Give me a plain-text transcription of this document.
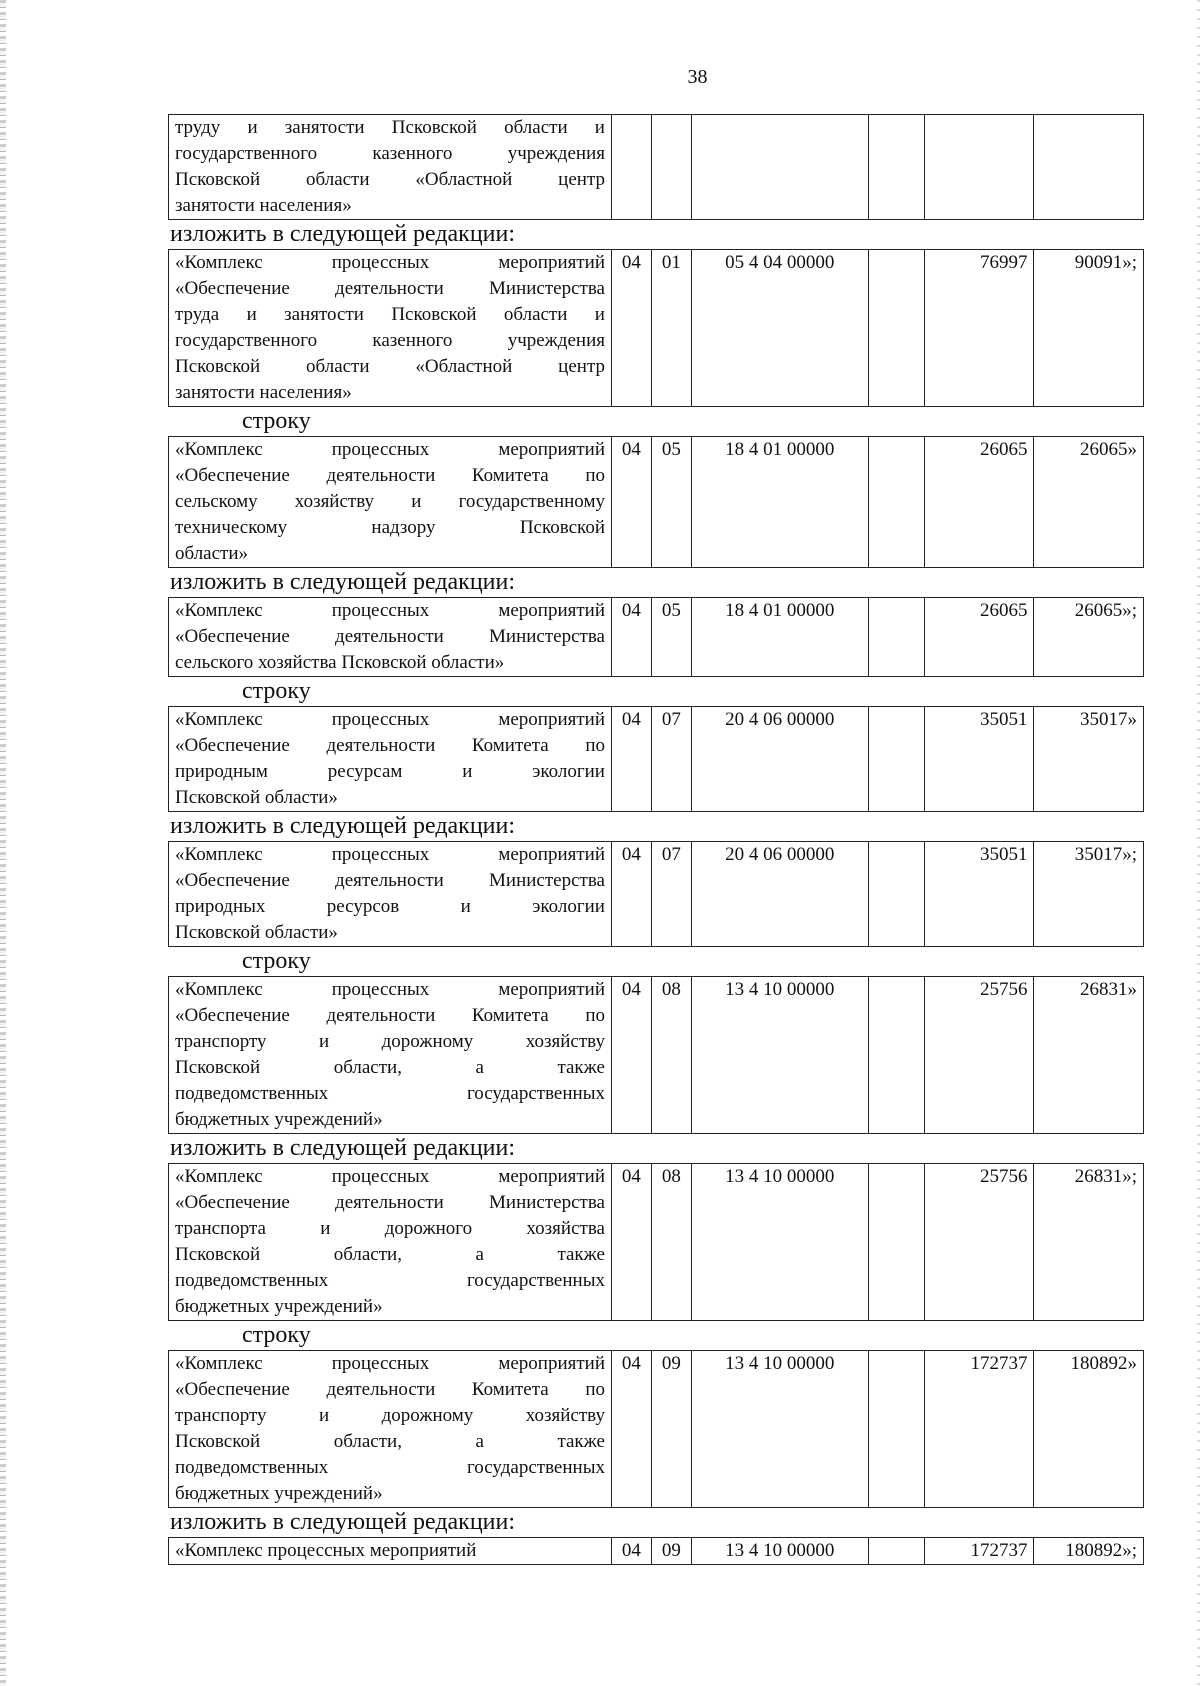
38
труду и занятости Псковской области и
государственного казенного учреждения
Псковской области «Областной центр
занятости населения»

изложить в следующей редакции:
«Комплекс процессных мероприятий
«Обеспечение деятельности Министерства
труда и занятости Псковской области и
государственного казенного учреждения
Псковской области «Областной центр
занятости населения»
	04	01	05 4 04 00000		76997	90091»;
строку
«Комплекс процессных мероприятий
«Обеспечение деятельности Комитета по
сельскому хозяйству и государственному
техническому надзору Псковской
области»
	04	05	18 4 01 00000		26065	26065»
изложить в следующей редакции:
«Комплекс процессных мероприятий
«Обеспечение деятельности Министерства
сельского хозяйства Псковской области»
	04	05	18 4 01 00000		26065	26065»;
строку
«Комплекс процессных мероприятий
«Обеспечение деятельности Комитета по
природным ресурсам и экологии
Псковской области»
	04	07	20 4 06 00000		35051	35017»
изложить в следующей редакции:
«Комплекс процессных мероприятий
«Обеспечение деятельности Министерства
природных ресурсов и экологии
Псковской области»
	04	07	20 4 06 00000		35051	35017»;
строку
«Комплекс процессных мероприятий
«Обеспечение деятельности Комитета по
транспорту и дорожному хозяйству
Псковской области, а также
подведомственных государственных
бюджетных учреждений»
	04	08	13 4 10 00000		25756	26831»
изложить в следующей редакции:
«Комплекс процессных мероприятий
«Обеспечение деятельности Министерства
транспорта и дорожного хозяйства
Псковской области, а также
подведомственных государственных
бюджетных учреждений»
	04	08	13 4 10 00000		25756	26831»;
строку
«Комплекс процессных мероприятий
«Обеспечение деятельности Комитета по
транспорту и дорожному хозяйству
Псковской области, а также
подведомственных государственных
бюджетных учреждений»
	04	09	13 4 10 00000		172737	180892»
изложить в следующей редакции:
«Комплекс процессных мероприятий	04	09	13 4 10 00000		172737	180892»;
